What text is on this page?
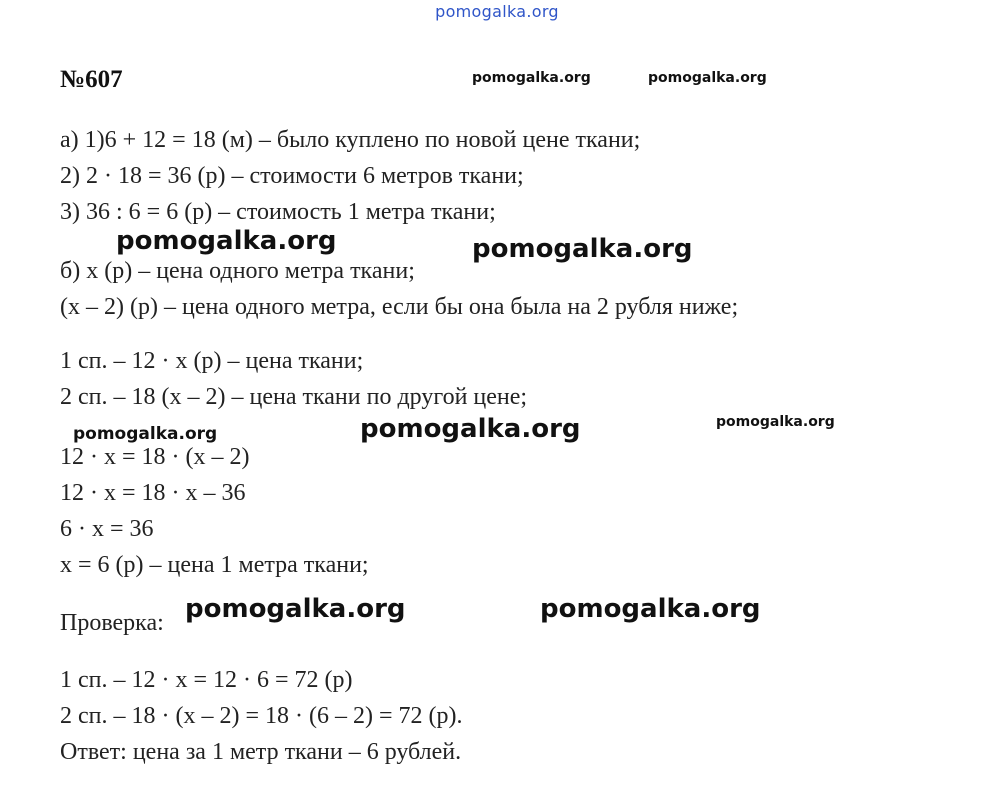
pomogalka.org
№607
а) 1)6 + 12 = 18 (м) – было куплено по новой цене ткани;
2) 2 · 18 = 36 (р) – стоимости 6 метров ткани;
3) 36 : 6 = 6 (р) – стоимость 1 метра ткани;
б) х (р) – цена одного метра ткани;
(х – 2) (р) – цена одного метра, если бы она была на 2 рубля ниже;
1 сп. – 12 · х (р) – цена ткани;
2 сп. – 18 (х – 2) – цена ткани по другой цене;
12 · х = 18 · (х – 2)
12 · х = 18 · х – 36
6 · х = 36
х = 6 (р) – цена 1 метра ткани;
Проверка:
1 сп. – 12 · х = 12 · 6 = 72 (р)
2 сп. – 18 · (х – 2) = 18 · (6 – 2) = 72 (р).
Ответ: цена за 1 метр ткани – 6 рублей.
pomogalka.org	pomogalka.org
pomogalka.org	pomogalka.org
pomogalka.org	pomogalka.org	pomogalka.org
pomogalka.org	pomogalka.org
